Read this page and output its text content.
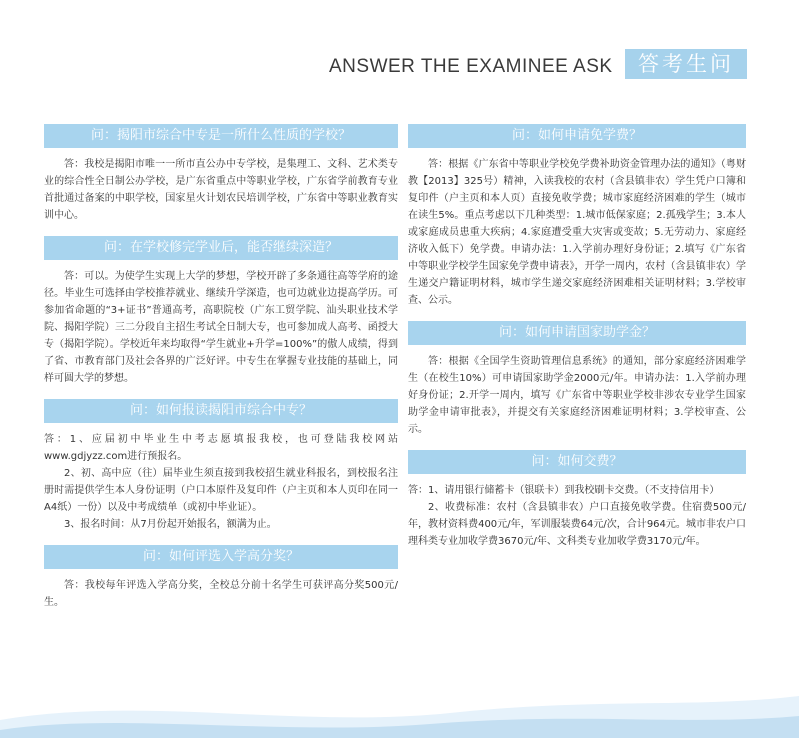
ANSWER THE EXAMINEE ASK	答考生问
问：揭阳市综合中专是一所什么性质的学校？

答：我校是揭阳市唯一一所市直公办中专学校，是集理工、文科、艺术类专业的综合性全日制公办学校，是广东省重点中等职业学校，广东省学前教育专业首批通过备案的中职学校，国家星火计划农民培训学校，广东省中等职业教育实训中心。

问：在学校修完学业后，能否继续深造？

答：可以。为使学生实现上大学的梦想，学校开辟了多条通往高等学府的途径。毕业生可选择由学校推荐就业、继续升学深造，也可边就业边提高学历。可参加省命题的“3+证书”普通高考，高职院校（广东工贸学院、汕头职业技术学院、揭阳学院）三二分段自主招生考试全日制大专，也可参加成人高考、函授大专（揭阳学院）。学校近年来均取得“学生就业+升学=100%”的傲人成绩，得到了省、市教育部门及社会各界的广泛好评。中专生在掌握专业技能的基础上，同样可圆大学的梦想。

问：如何报读揭阳市综合中专？

答：1、应届初中毕业生中考志愿填报我校，也可登陆我校网站www.gdjyzz.com进行预报名。

2、初、高中应（往）届毕业生须直接到我校招生就业科报名，到校报名注册时需提供学生本人身份证明（户口本原件及复印件（户主页和本人页印在同一A4纸）一份）以及中考成绩单（或初中毕业证）。

3、报名时间：从7月份起开始报名，额满为止。

问：如何评选入学高分奖？

答：我校每年评选入学高分奖，全校总分前十名学生可获评高分奖500元/生。

问：如何申请免学费？

答：根据《广东省中等职业学校免学费补助资金管理办法的通知》（粤财教【2013】325号）精神，入读我校的农村（含县镇非农）学生凭户口簿和复印件（户主页和本人页）直接免收学费；城市家庭经济困难的学生（城市在读生5%。重点考虑以下几种类型：1.城市低保家庭；2.孤残学生；3.本人或家庭成员患重大疾病；4.家庭遭受重大灾害或变故；5.无劳动力、家庭经济收入低下）免学费。申请办法：1.入学前办理好身份证；2.填写《广东省中等职业学校学生国家免学费申请表》，开学一周内，农村（含县镇非农）学生递交户籍证明材料，城市学生递交家庭经济困难相关证明材料；3.学校审查、公示。

问：如何申请国家助学金？

答：根据《全国学生资助管理信息系统》的通知，部分家庭经济困难学生（在校生10%）可申请国家助学金2000元/年。申请办法：1.入学前办理好身份证；2.开学一周内，填写《广东省中等职业学校非涉农专业学生国家助学金申请审批表》，并提交有关家庭经济困难证明材料；3.学校审查、公示。

问：如何交费？

答：1、请用银行储蓄卡（银联卡）到我校刷卡交费。（不支持信用卡）

2、收费标准：农村（含县镇非农）户口直接免收学费。住宿费500元/年，教材资料费400元/年，军训服装费64元/次，合计964元。城市非农户口理科类专业加收学费3670元/年、文科类专业加收学费3170元/年。
